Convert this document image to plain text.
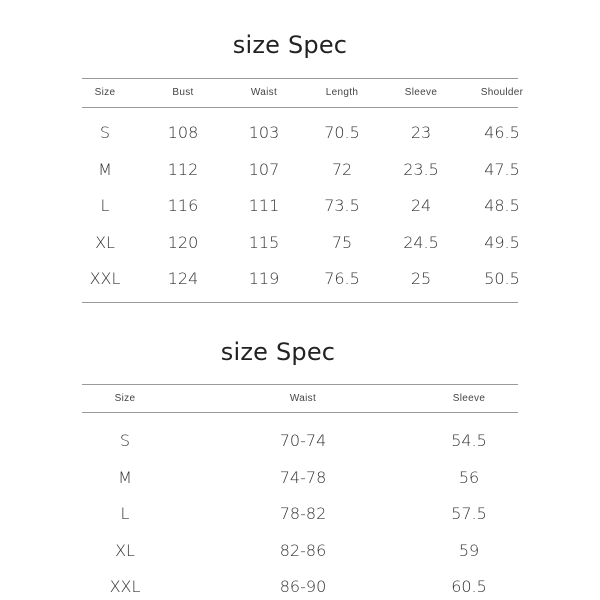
size Spec
Size	Bust	Waist	Length	Sleeve	Shoulder
S	108	103	70.5	23	46.5
M	112	107	72	23.5	47.5
L	116	111	73.5	24	48.5
XL	120	115	75	24.5	49.5
XXL	124	119	76.5	25	50.5
size Spec
Size	Waist	Sleeve
S	70-74	54.5
M	74-78	56
L	78-82	57.5
XL	82-86	59
XXL	86-90	60.5
